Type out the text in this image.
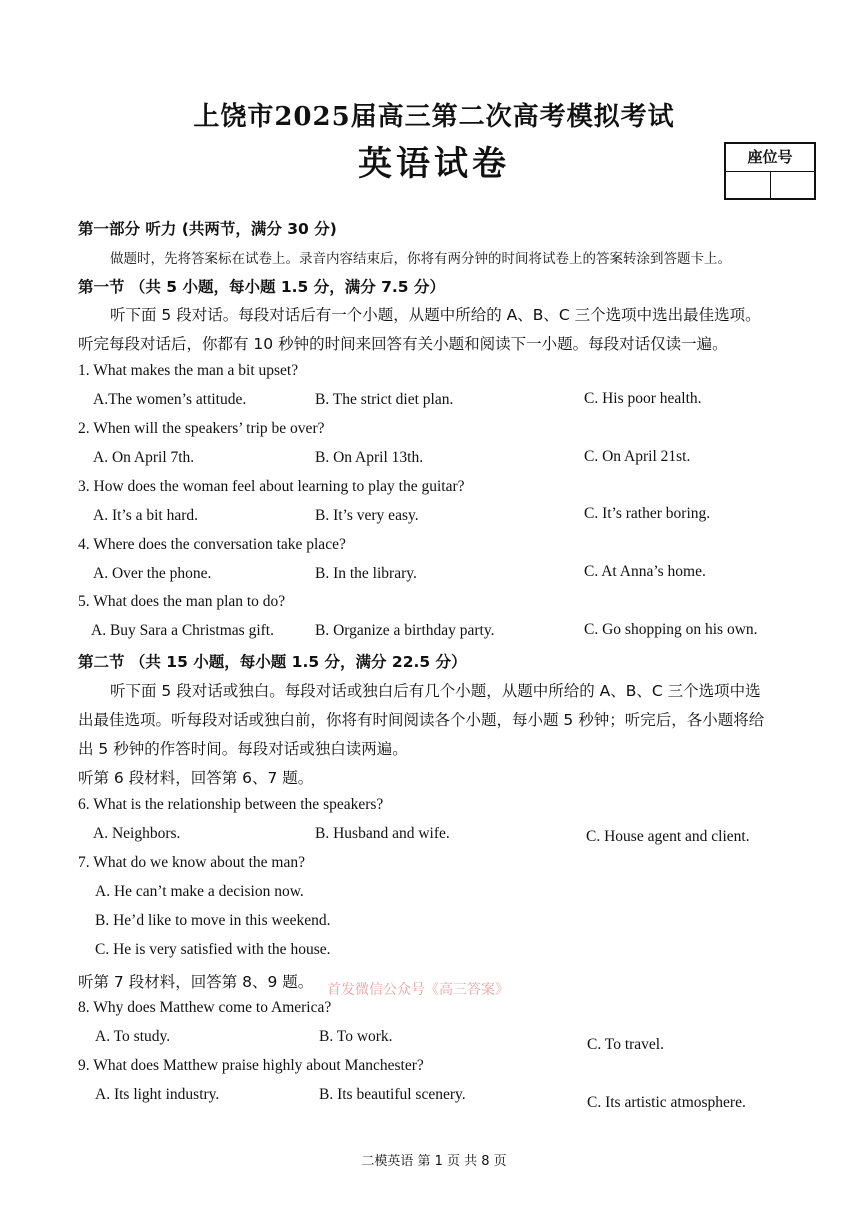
上饶市2025届高三第二次高考模拟考试
英语试卷	座位号
第一部分 听力 (共两节，满分 30 分)
做题时，先将答案标在试卷上。录音内容结束后，你将有两分钟的时间将试卷上的答案转涂到答题卡上。
第一节 （共 5 小题，每小题 1.5 分，满分 7.5 分）
听下面 5 段对话。每段对话后有一个小题，从题中所给的 A、B、C 三个选项中选出最佳选项。
听完每段对话后，你都有 10 秒钟的时间来回答有关小题和阅读下一小题。每段对话仅读一遍。
1. What makes the man a bit upset?
A.The women’s attitude.	B. The strict diet plan.	C. His poor health.
2. When will the speakers’ trip be over?
A. On April 7th.	B. On April 13th.	C. On April 21st.
3. How does the woman feel about learning to play the guitar?
A. It’s a bit hard.	B. It’s very easy.	C. It’s rather boring.
4. Where does the conversation take place?
A. Over the phone.	B. In the library.	C. At Anna’s home.
5. What does the man plan to do?
A. Buy Sara a Christmas gift.	B. Organize a birthday party.	C. Go shopping on his own.
第二节 （共 15 小题，每小题 1.5 分，满分 22.5 分）
听下面 5 段对话或独白。每段对话或独白后有几个小题，从题中所给的 A、B、C 三个选项中选
出最佳选项。听每段对话或独白前，你将有时间阅读各个小题，每小题 5 秒钟；听完后，各小题将给
出 5 秒钟的作答时间。每段对话或独白读两遍。
听第 6 段材料，回答第 6、7 题。
6. What is the relationship between the speakers?
A. Neighbors.	B. Husband and wife.	C. House agent and client.
7. What do we know about the man?
A. He can’t make a decision now.
B. He’d like to move in this weekend.
C. He is very satisfied with the house.
听第 7 段材料，回答第 8、9 题。 首发微信公众号《高三答案》
8. Why does Matthew come to America?
A. To study.	B. To work.	C. To travel.
9. What does Matthew praise highly about Manchester?
A. Its light industry.	B. Its beautiful scenery.	C. Its artistic atmosphere.
二模英语 第 1 页 共 8 页
